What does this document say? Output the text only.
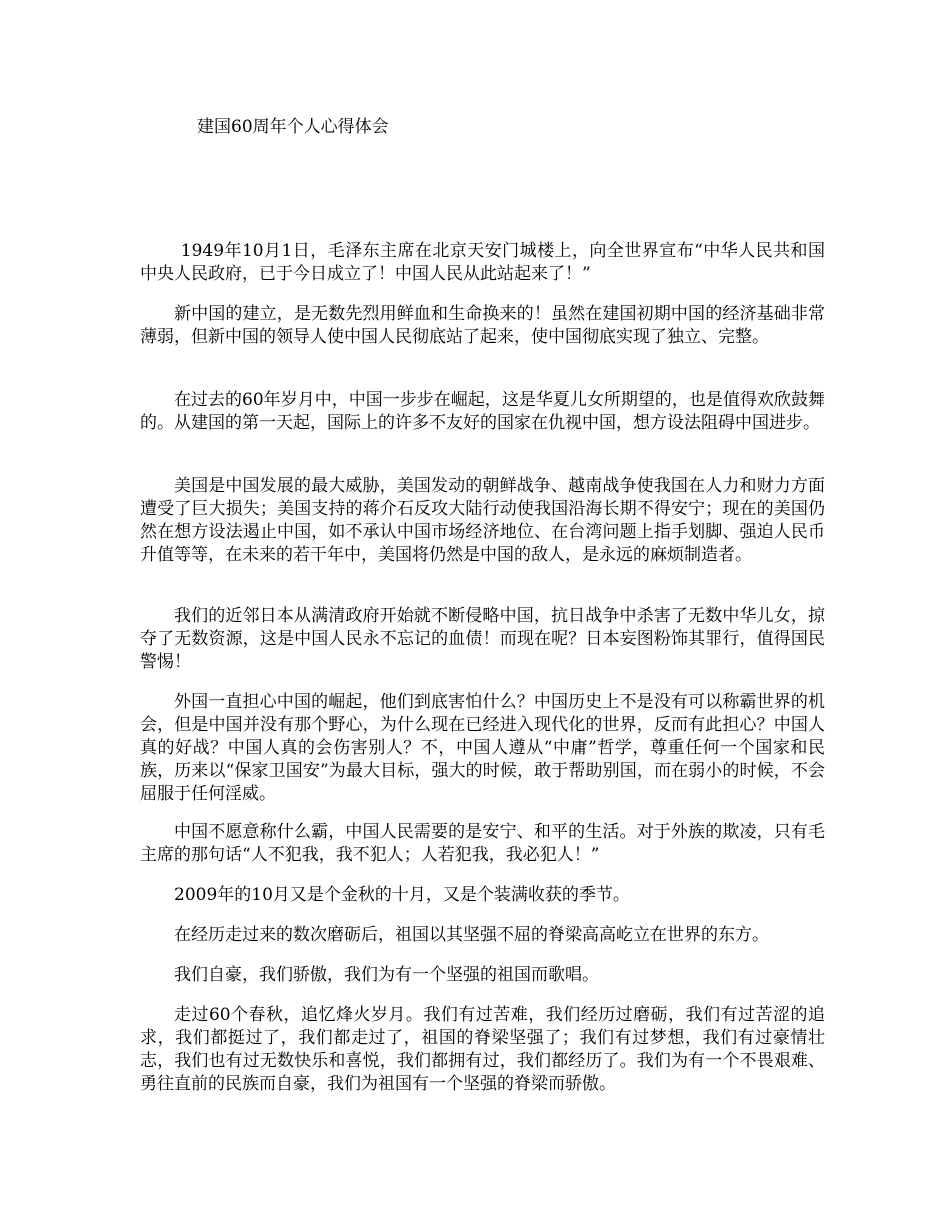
建国60周年个人心得体会

1949年10月1日，毛泽东主席在北京天安门城楼上，向全世界宣布“中华人民共和国中央人民政府，已于今日成立了！中国人民从此站起来了！”

新中国的建立，是无数先烈用鲜血和生命换来的！虽然在建国初期中国的经济基础非常薄弱，但新中国的领导人使中国人民彻底站了起来，使中国彻底实现了独立、完整。

在过去的60年岁月中，中国一步步在崛起，这是华夏儿女所期望的，也是值得欢欣鼓舞的。从建国的第一天起，国际上的许多不友好的国家在仇视中国，想方设法阻碍中国进步。

美国是中国发展的最大威胁，美国发动的朝鲜战争、越南战争使我国在人力和财力方面遭受了巨大损失；美国支持的蒋介石反攻大陆行动使我国沿海长期不得安宁；现在的美国仍然在想方设法遏止中国，如不承认中国市场经济地位、在台湾问题上指手划脚、强迫人民币升值等等，在未来的若干年中，美国将仍然是中国的敌人，是永远的麻烦制造者。

我们的近邻日本从满清政府开始就不断侵略中国，抗日战争中杀害了无数中华儿女，掠夺了无数资源，这是中国人民永不忘记的血债！而现在呢？日本妄图粉饰其罪行，值得国民警惕！

外国一直担心中国的崛起，他们到底害怕什么？中国历史上不是没有可以称霸世界的机会，但是中国并没有那个野心，为什么现在已经进入现代化的世界，反而有此担心？中国人真的好战？中国人真的会伤害别人？不，中国人遵从“中庸”哲学，尊重任何一个国家和民族，历来以“保家卫国安”为最大目标，强大的时候，敢于帮助别国，而在弱小的时候，不会屈服于任何淫威。

中国不愿意称什么霸，中国人民需要的是安宁、和平的生活。对于外族的欺凌，只有毛主席的那句话“人不犯我，我不犯人；人若犯我，我必犯人！”

2009年的10月又是个金秋的十月，又是个装满收获的季节。

在经历走过来的数次磨砺后，祖国以其坚强不屈的脊梁高高屹立在世界的东方。

我们自豪，我们骄傲，我们为有一个坚强的祖国而歌唱。

走过60个春秋，追忆烽火岁月。我们有过苦难，我们经历过磨砺，我们有过苦涩的追求，我们都挺过了，我们都走过了，祖国的脊梁坚强了；我们有过梦想，我们有过豪情壮志，我们也有过无数快乐和喜悦，我们都拥有过，我们都经历了。我们为有一个不畏艰难、勇往直前的民族而自豪，我们为祖国有一个坚强的脊梁而骄傲。
